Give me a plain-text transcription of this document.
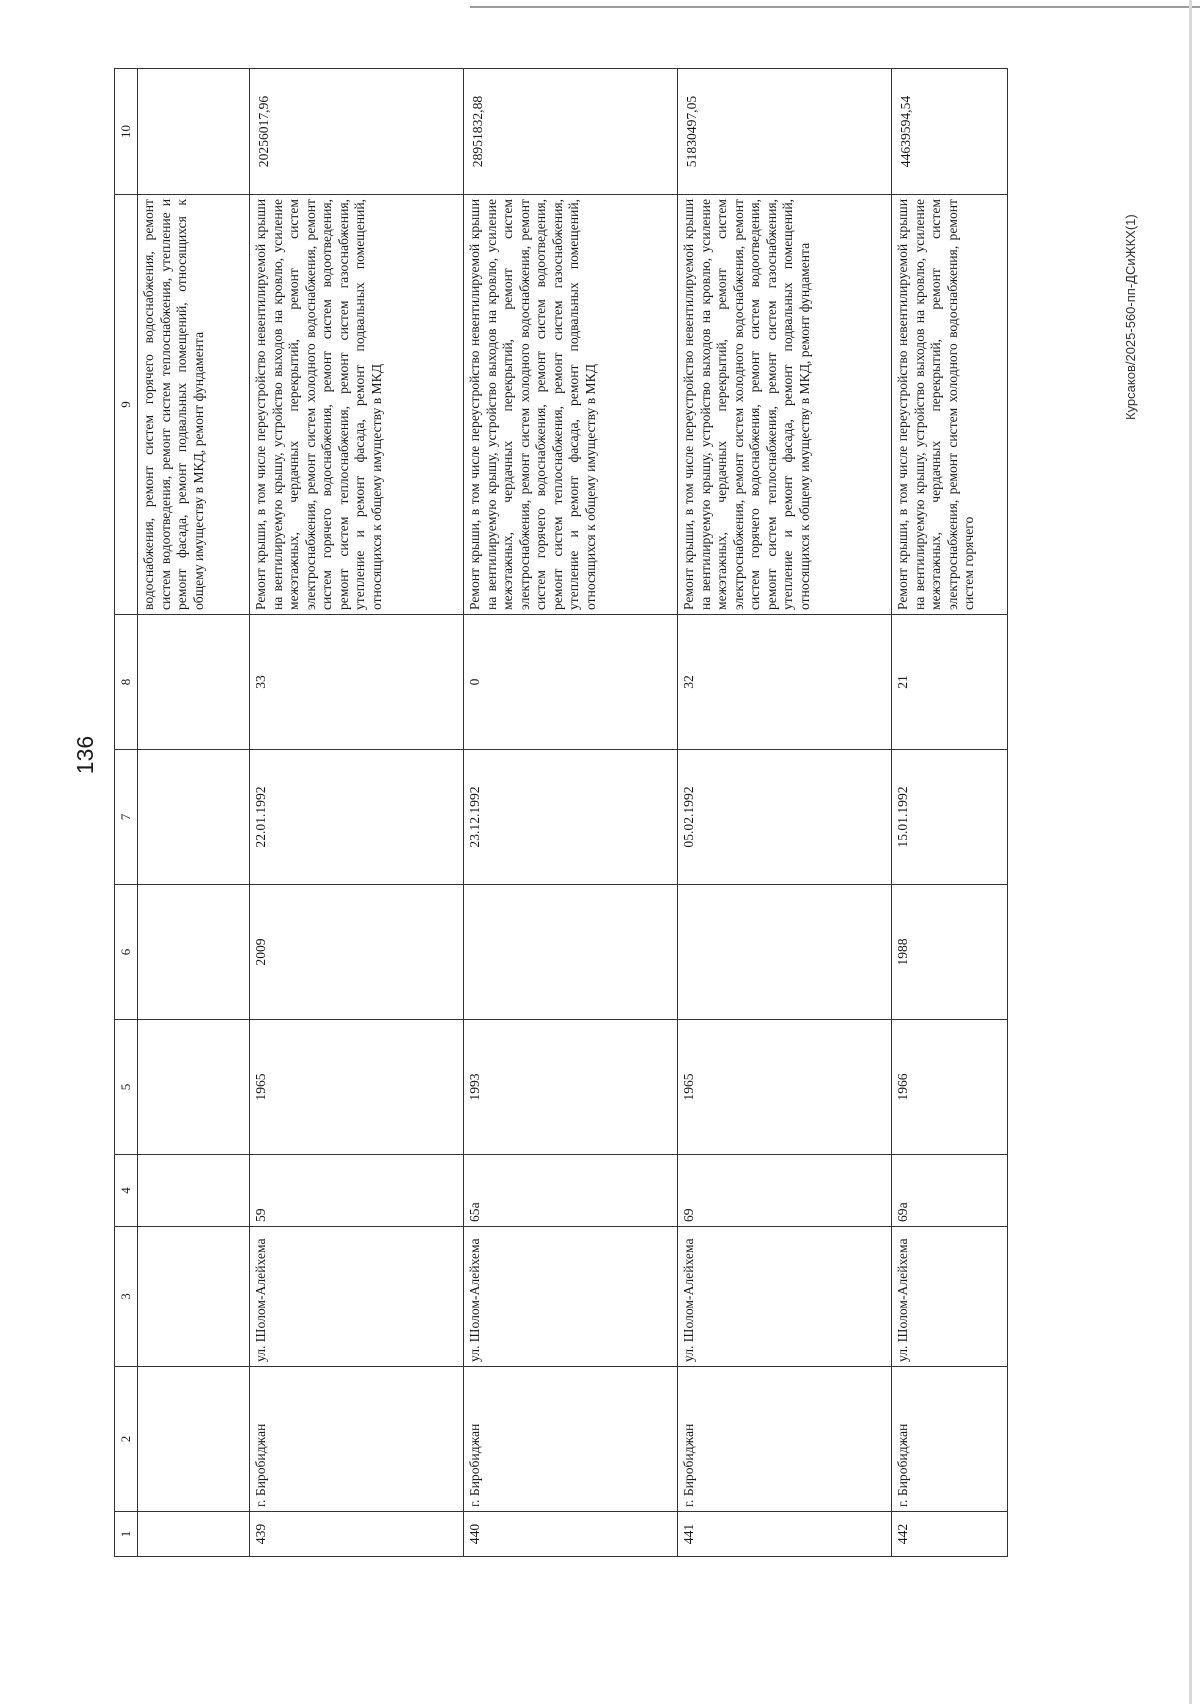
136
Курсаков/2025-560-пп-ДСиЖКХ(1)
1	2	3	4	5	6	7	8	9	10
								водоснабжения, ремонт систем горячего водоснабжения, ремонт систем водоотведения, ремонт систем теплоснабжения, утепление и ремонт фасада, ремонт подвальных помещений, относящихся к общему имуществу в МКД, ремонт фундамента	
439	г. Биробиджан	ул. Шолом-Алейхема	59	1965	2009	22.01.1992	33	Ремонт крыши, в том числе переустройство невентилируемой крыши на вентилируемую крышу, устройство выходов на кровлю, усиление межэтажных, чердачных перекрытий, ремонт систем электроснабжения, ремонт систем холодного водоснабжения, ремонт систем горячего водоснабжения, ремонт систем водоотведения, ремонт систем теплоснабжения, ремонт систем газоснабжения, утепление и ремонт фасада, ремонт подвальных помещений, относящихся к общему имуществу в МКД	20256017,96
440	г. Биробиджан	ул. Шолом-Алейхема	65а	1993		23.12.1992	0	Ремонт крыши, в том числе переустройство невентилируемой крыши на вентилируемую крышу, устройство выходов на кровлю, усиление межэтажных, чердачных перекрытий, ремонт систем электроснабжения, ремонт систем холодного водоснабжения, ремонт систем горячего водоснабжения, ремонт систем водоотведения, ремонт систем теплоснабжения, ремонт систем газоснабжения, утепление и ремонт фасада, ремонт подвальных помещений, относящихся к общему имуществу в МКД	28951832,88
441	г. Биробиджан	ул. Шолом-Алейхема	69	1965		05.02.1992	32	Ремонт крыши, в том числе переустройство невентилируемой крыши на вентилируемую крышу, устройство выходов на кровлю, усиление межэтажных, чердачных перекрытий, ремонт систем электроснабжения, ремонт систем холодного водоснабжения, ремонт систем горячего водоснабжения, ремонт систем водоотведения, ремонт систем теплоснабжения, ремонт систем газоснабжения, утепление и ремонт фасада, ремонт подвальных помещений, относящихся к общему имуществу в МКД, ремонт фундамента	51830497,05
442	г. Биробиджан	ул. Шолом-Алейхема	69а	1966	1988	15.01.1992	21	Ремонт крыши, в том числе переустройство невентилируемой крыши на вентилируемую крышу, устройство выходов на кровлю, усиление межэтажных, чердачных перекрытий, ремонт систем электроснабжения, ремонт систем холодного водоснабжения, ремонт систем горячего	44639594,54
